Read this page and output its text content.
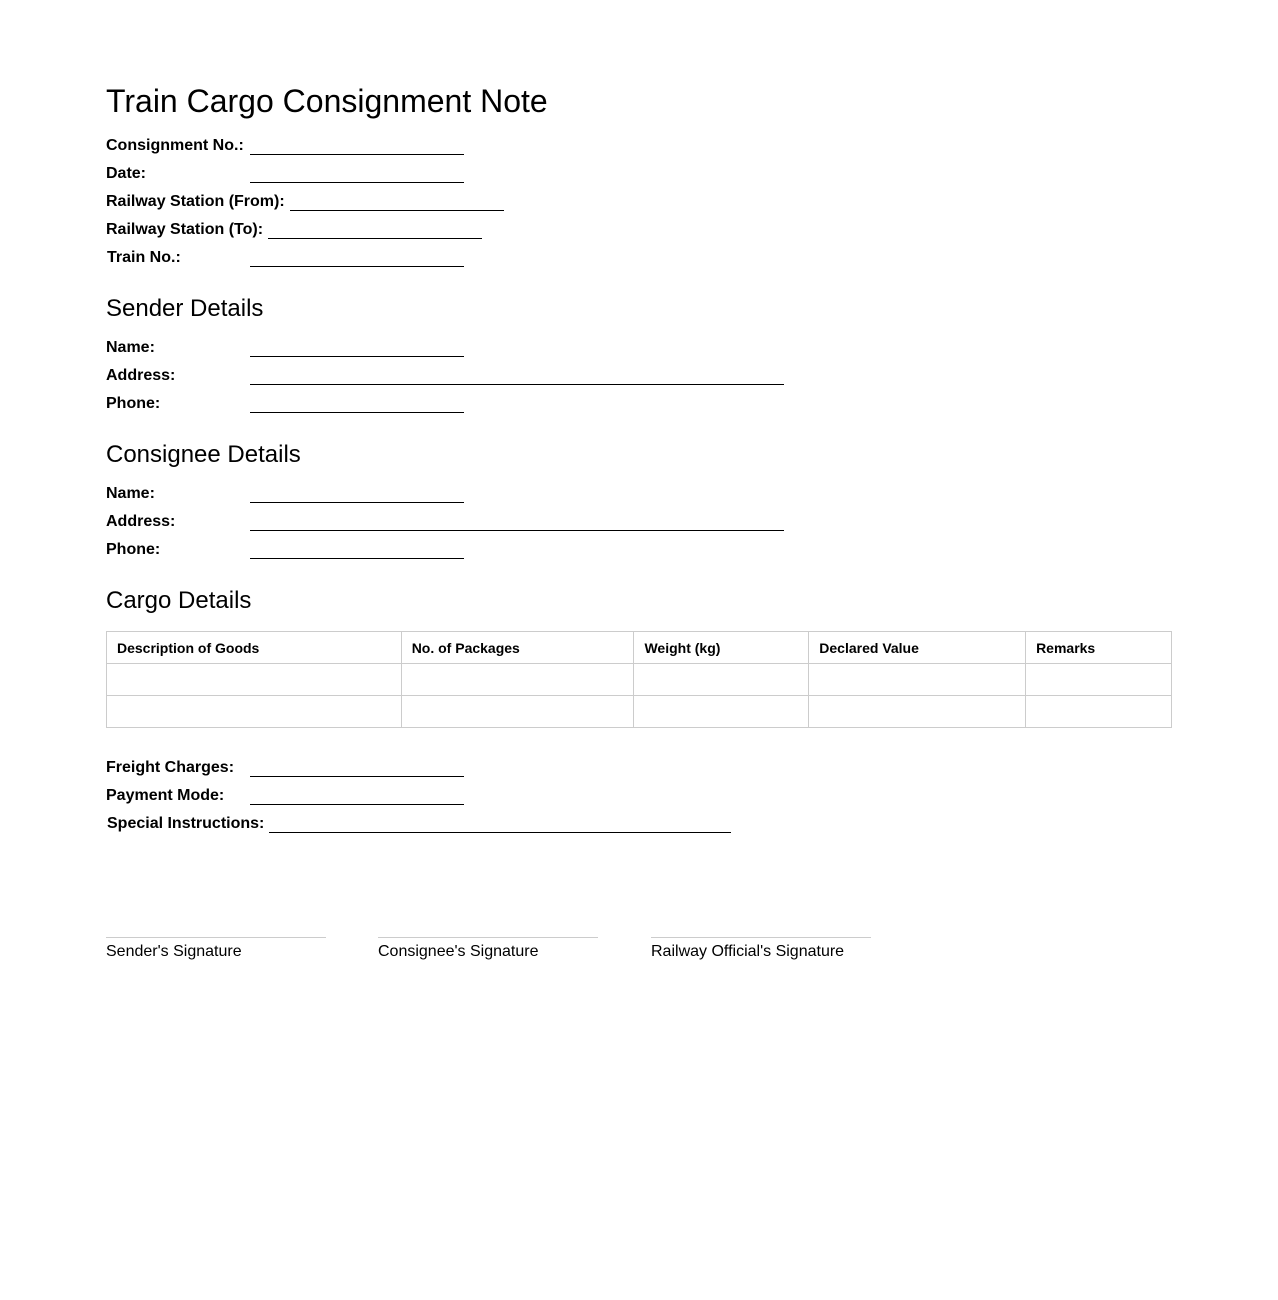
Train Cargo Consignment Note
Consignment No.:
Date:
Railway Station (From):
Railway Station (To):
Train No.:
Sender Details
Name:
Address:
Phone:
Consignee Details
Name:
Address:
Phone:
Cargo Details
Description of Goods	No. of Packages	Weight (kg)	Declared Value	Remarks

Freight Charges:
Payment Mode:
Special Instructions:
Sender's Signature	Consignee's Signature	Railway Official's Signature
